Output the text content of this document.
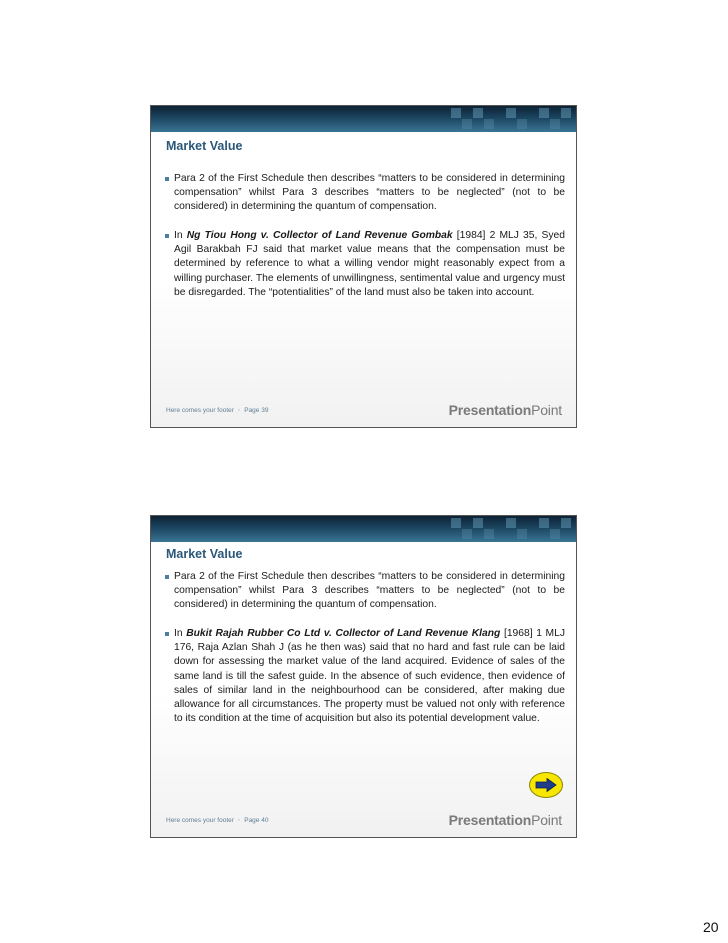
Market Value
Para 2 of the First Schedule then describes “matters to be considered in determining compensation” whilst Para 3 describes “matters to be neglected” (not to be considered) in determining the quantum of compensation.
In Ng Tiou Hong v. Collector of Land Revenue Gombak [1984] 2 MLJ 35, Syed Agil Barakbah FJ said that market value means that the compensation must be determined by reference to what a willing vendor might reasonably expect from a willing purchaser. The elements of unwillingness, sentimental value and urgency must be disregarded. The “potentialities” of the land must also be taken into account.
Here comes your footer ◦ Page 39	PresentationPoint
Market Value
Para 2 of the First Schedule then describes “matters to be considered in determining compensation” whilst Para 3 describes “matters to be neglected” (not to be considered) in determining the quantum of compensation.
In Bukit Rajah Rubber Co Ltd v. Collector of Land Revenue Klang [1968] 1 MLJ 176, Raja Azlan Shah J (as he then was) said that no hard and fast rule can be laid down for assessing the market value of the land acquired. Evidence of sales of the same land is till the safest guide. In the absence of such evidence, then evidence of sales of similar land in the neighbourhood can be considered, after making due allowance for all circumstances. The property must be valued not only with reference to its condition at the time of acquisition but also its potential development value.
Here comes your footer ◦ Page 40	PresentationPoint
20
